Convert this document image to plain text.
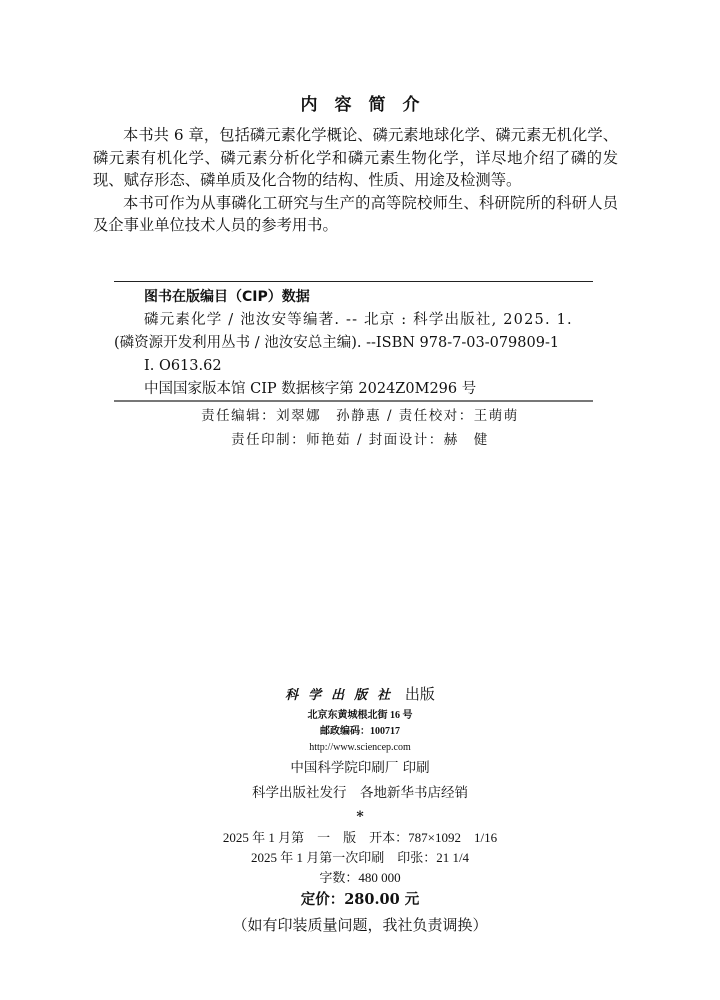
内容简介

本书共 6 章，包括磷元素化学概论、磷元素地球化学、磷元素无机化学、磷元素有机化学、磷元素分析化学和磷元素生物化学，详尽地介绍了磷的发现、赋存形态、磷单质及化合物的结构、性质、用途及检测等。

本书可作为从事磷化工研究与生产的高等院校师生、科研院所的科研人员及企事业单位技术人员的参考用书。

图书在版编目（CIP）数据
磷元素化学 / 池汝安等编著. -- 北京 : 科学出版社, 2025. 1.
(磷资源开发利用丛书 / 池汝安总主编). --ISBN 978-7-03-079809-1
Ⅰ. O613.62
中国国家版本馆 CIP 数据核字第 2024Z0M296 号
责任编辑：刘翠娜　孙静惠 / 责任校对：王萌萌
责任印制：师艳茹 / 封面设计：赫　健
科学出版社 出版
北京东黄城根北街 16 号
邮政编码：100717
http://www.sciencep.com
中国科学院印刷厂 印刷
科学出版社发行　各地新华书店经销
*
2025 年 1 月第　一　版　开本：787×1092　1/16
2025 年 1 月第一次印刷　印张：21 1/4
字数：480 000
定价：280.00 元
（如有印装质量问题，我社负责调换）
